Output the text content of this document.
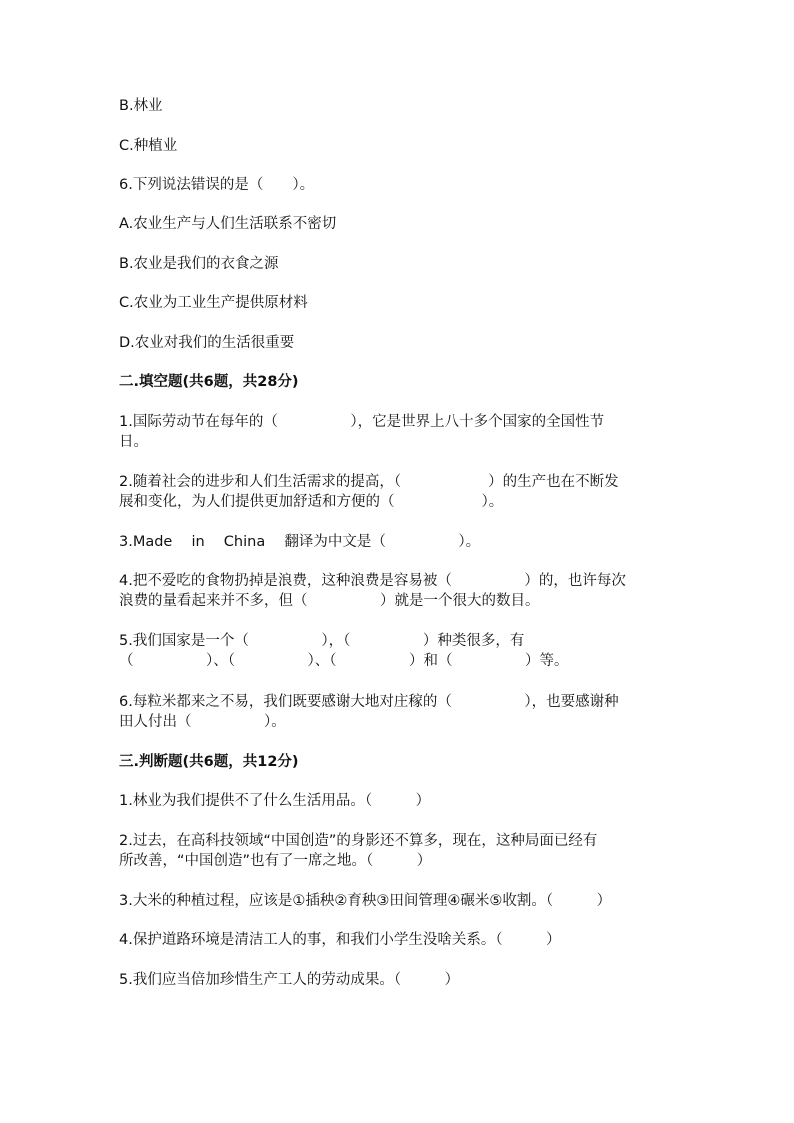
B.林业
C.种植业
6.下列说法错误的是（　　）。
A.农业生产与人们生活联系不密切
B.农业是我们的衣食之源
C.农业为工业生产提供原材料
D.农业对我们的生活很重要
二.填空题(共6题，共28分)
1.国际劳动节在每年的（　　　　　），它是世界上八十多个国家的全国性节
日。
2.随着社会的进步和人们生活需求的提高，（　　　　　　）的生产也在不断发
展和变化，为人们提供更加舒适和方便的（　　　　　　）。
3.Made　 in　 China　 翻译为中文是（　　　　　）。
4.把不爱吃的食物扔掉是浪费，这种浪费是容易被（　　　　　）的，也许每次
浪费的量看起来并不多，但（　　　　　）就是一个很大的数目。
5.我们国家是一个（　　　　　），（　　　　　）种类很多，有
（　　　　　）、（　　　　　）、（　　　　　）和（　　　　　）等。
6.每粒米都来之不易，我们既要感谢大地对庄稼的（　　　　　），也要感谢种
田人付出（　　　　　）。
三.判断题(共6题，共12分)
1.林业为我们提供不了什么生活用品。（　　　）
2.过去，在高科技领域“中国创造”的身影还不算多，现在，这种局面已经有
所改善，“中国创造”也有了一席之地。（　　　）
3.大米的种植过程，应该是①插秧②育秧③田间管理④碾米⑤收割。（　　　）
4.保护道路环境是清洁工人的事，和我们小学生没啥关系。（　　　）
5.我们应当倍加珍惜生产工人的劳动成果。（　　　）
